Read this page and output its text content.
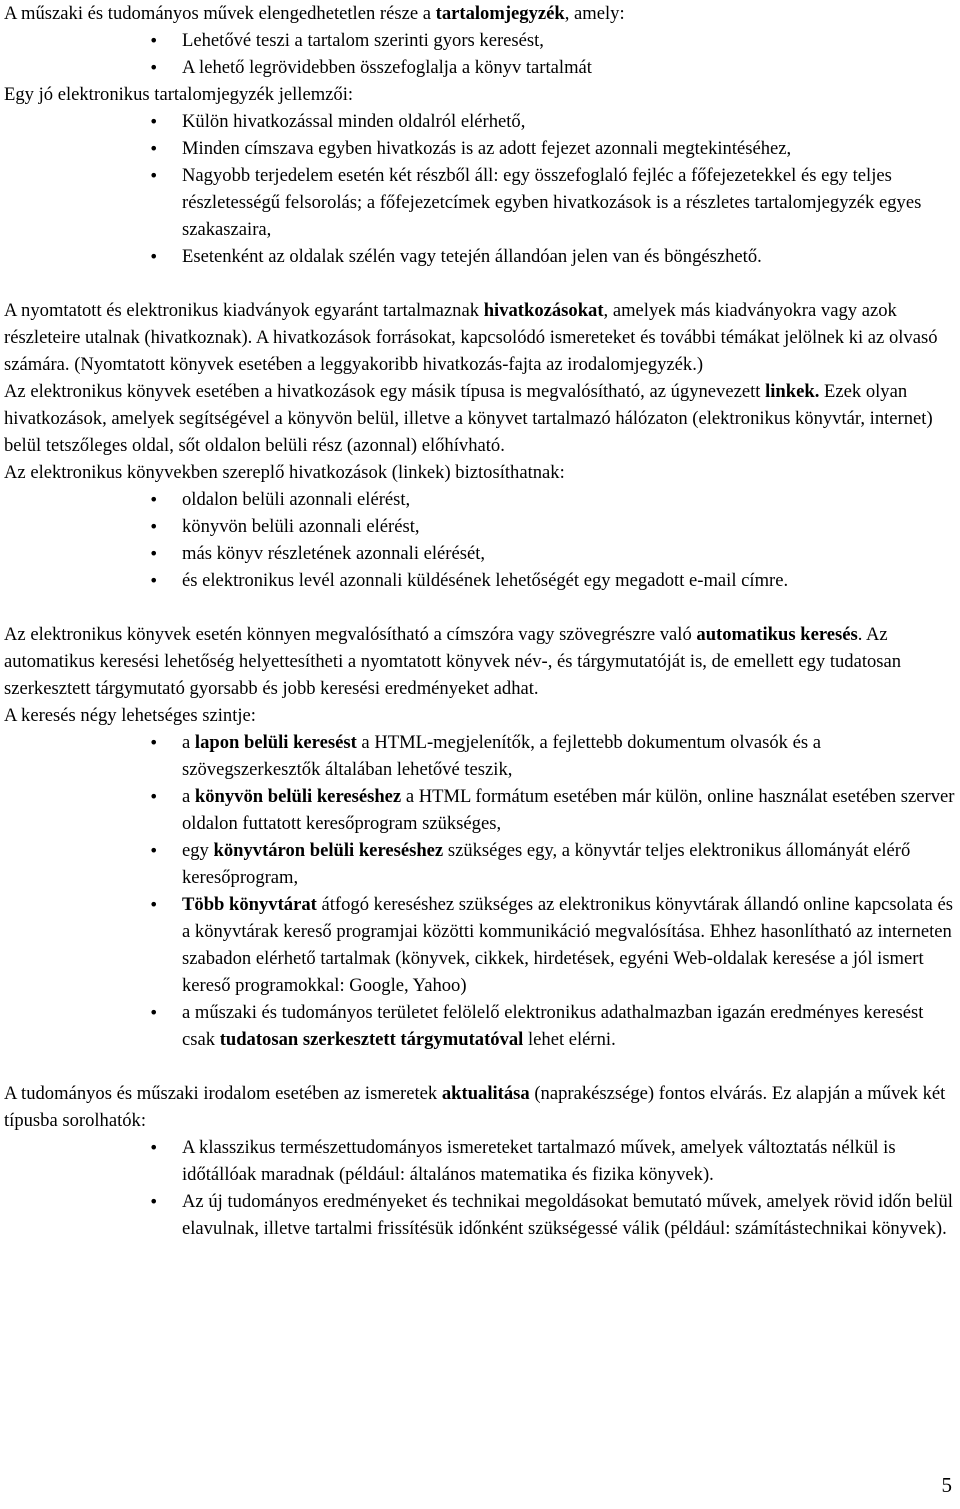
A műszaki és tudományos művek elengedhetetlen része a tartalomjegyzék, amely:

• Lehetővé teszi a tartalom szerinti gyors keresést,
• A lehető legrövidebben összefoglalja a könyv tartalmát

Egy jó elektronikus tartalomjegyzék jellemzői:

• Külön hivatkozással minden oldalról elérhető,
• Minden címszava egyben hivatkozás is az adott fejezet azonnali megtekintéséhez,
• Nagyobb terjedelem esetén két részből áll: egy összefoglaló fejléc a főfejezetekkel és egy teljes részletességű felsorolás; a főfejezetcímek egyben hivatkozások is a részletes tartalomjegyzék egyes szakaszaira,
• Esetenként az oldalak szélén vagy tetején állandóan jelen van és böngészhető.

A nyomtatott és elektronikus kiadványok egyaránt tartalmaznak hivatkozásokat, amelyek más kiadványokra vagy azok részleteire utalnak (hivatkoznak). A hivatkozások forrásokat, kapcsolódó ismereteket és további témákat jelölnek ki az olvasó számára. (Nyomtatott könyvek esetében a leggyakoribb hivatkozás-fajta az irodalomjegyzék.)

Az elektronikus könyvek esetében a hivatkozások egy másik típusa is megvalósítható, az úgynevezett linkek. Ezek olyan hivatkozások, amelyek segítségével a könyvön belül, illetve a könyvet tartalmazó hálózaton (elektronikus könyvtár, internet) belül tetszőleges oldal, sőt oldalon belüli rész (azonnal) előhívható.

Az elektronikus könyvekben szereplő hivatkozások (linkek) biztosíthatnak:

• oldalon belüli azonnali elérést,
• könyvön belüli azonnali elérést,
• más könyv részletének azonnali elérését,
• és elektronikus levél azonnali küldésének lehetőségét egy megadott e-mail címre.

Az elektronikus könyvek esetén könnyen megvalósítható a címszóra vagy szövegrészre való automatikus keresés. Az automatikus keresési lehetőség helyettesítheti a nyomtatott könyvek név-, és tárgymutatóját is, de emellett egy tudatosan szerkesztett tárgymutató gyorsabb és jobb keresési eredményeket adhat.

A keresés négy lehetséges szintje:

• a lapon belüli keresést a HTML-megjelenítők, a fejlettebb dokumentum olvasók és a szövegszerkesztők általában lehetővé teszik,
• a könyvön belüli kereséshez a HTML formátum esetében már külön, online használat esetében szerver oldalon futtatott keresőprogram szükséges,
• egy könyvtáron belüli kereséshez szükséges egy, a könyvtár teljes elektronikus állományát elérő keresőprogram,
• Több könyvtárat átfogó kereséshez szükséges az elektronikus könyvtárak állandó online kapcsolata és a könyvtárak kereső programjai közötti kommunikáció megvalósítása. Ehhez hasonlítható az interneten szabadon elérhető tartalmak (könyvek, cikkek, hirdetések, egyéni Web-oldalak keresése a jól ismert kereső programokkal: Google, Yahoo)
• a műszaki és tudományos területet felölelő elektronikus adathalmazban igazán eredményes keresést csak tudatosan szerkesztett tárgymutatóval lehet elérni.

A tudományos és műszaki irodalom esetében az ismeretek aktualitása (naprakészsége) fontos elvárás. Ez alapján a művek két típusba sorolhatók:

• A klasszikus természettudományos ismereteket tartalmazó művek, amelyek változtatás nélkül is időtállóak maradnak (például: általános matematika és fizika könyvek).
• Az új tudományos eredményeket és technikai megoldásokat bemutató művek, amelyek rövid időn belül elavulnak, illetve tartalmi frissítésük időnként szükségessé válik (például: számítástechnikai könyvek).
5
